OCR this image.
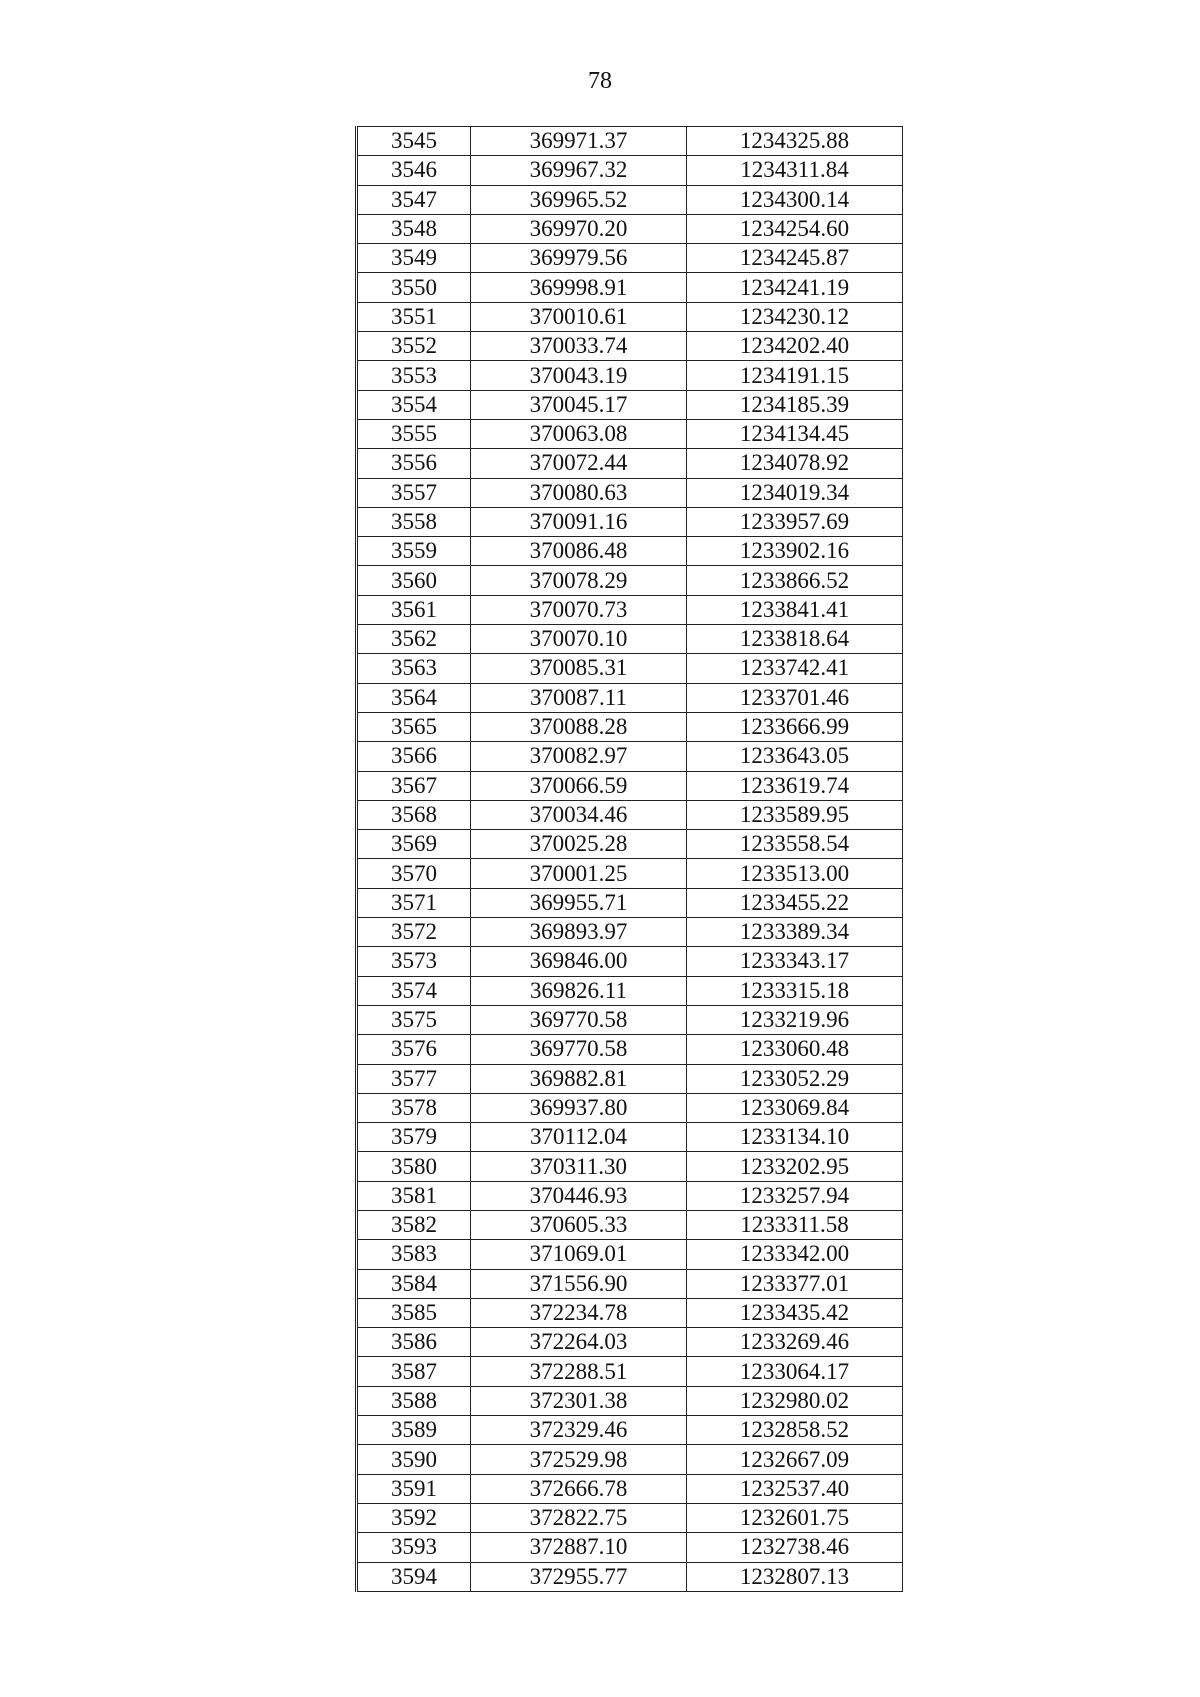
78
3545	369971.37	1234325.88
3546	369967.32	1234311.84
3547	369965.52	1234300.14
3548	369970.20	1234254.60
3549	369979.56	1234245.87
3550	369998.91	1234241.19
3551	370010.61	1234230.12
3552	370033.74	1234202.40
3553	370043.19	1234191.15
3554	370045.17	1234185.39
3555	370063.08	1234134.45
3556	370072.44	1234078.92
3557	370080.63	1234019.34
3558	370091.16	1233957.69
3559	370086.48	1233902.16
3560	370078.29	1233866.52
3561	370070.73	1233841.41
3562	370070.10	1233818.64
3563	370085.31	1233742.41
3564	370087.11	1233701.46
3565	370088.28	1233666.99
3566	370082.97	1233643.05
3567	370066.59	1233619.74
3568	370034.46	1233589.95
3569	370025.28	1233558.54
3570	370001.25	1233513.00
3571	369955.71	1233455.22
3572	369893.97	1233389.34
3573	369846.00	1233343.17
3574	369826.11	1233315.18
3575	369770.58	1233219.96
3576	369770.58	1233060.48
3577	369882.81	1233052.29
3578	369937.80	1233069.84
3579	370112.04	1233134.10
3580	370311.30	1233202.95
3581	370446.93	1233257.94
3582	370605.33	1233311.58
3583	371069.01	1233342.00
3584	371556.90	1233377.01
3585	372234.78	1233435.42
3586	372264.03	1233269.46
3587	372288.51	1233064.17
3588	372301.38	1232980.02
3589	372329.46	1232858.52
3590	372529.98	1232667.09
3591	372666.78	1232537.40
3592	372822.75	1232601.75
3593	372887.10	1232738.46
3594	372955.77	1232807.13
